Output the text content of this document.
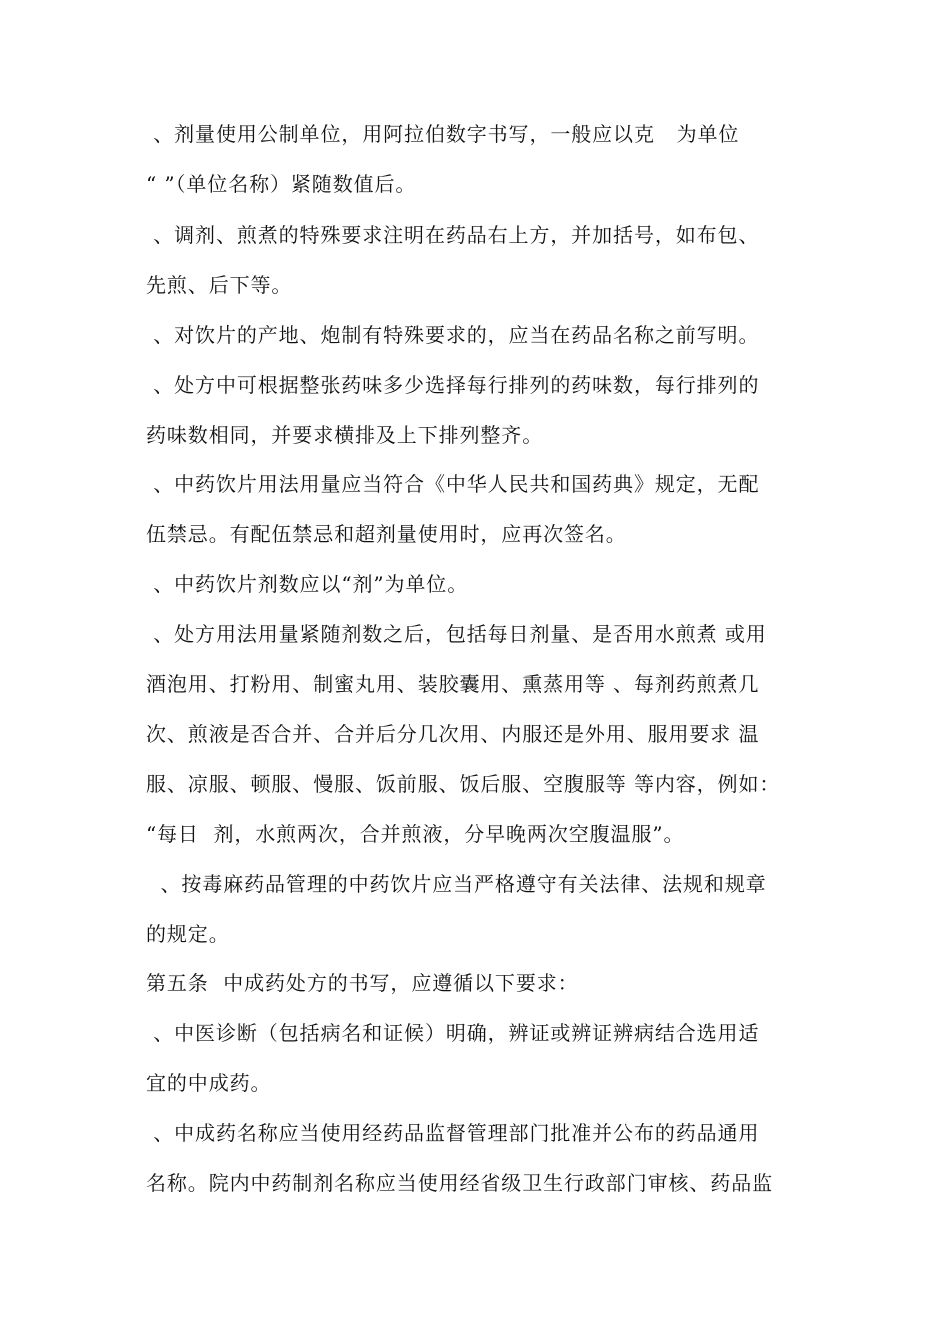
、剂量使用公制单位，用阿拉伯数字书写，一般应以克   为单位
“ ”（单位名称）紧随数值后。
、调剂、煎煮的特殊要求注明在药品右上方，并加括号，如布包、
先煎、后下等。
、对饮片的产地、炮制有特殊要求的，应当在药品名称之前写明。
、处方中可根据整张药味多少选择每行排列的药味数，每行排列的
药味数相同，并要求横排及上下排列整齐。
、中药饮片用法用量应当符合《中华人民共和国药典》规定，无配
伍禁忌。有配伍禁忌和超剂量使用时，应再次签名。
、中药饮片剂数应以“剂”为单位。
、处方用法用量紧随剂数之后，包括每日剂量、是否用水煎煮 或用
酒泡用、打粉用、制蜜丸用、装胶囊用、熏蒸用等 、每剂药煎煮几
次、煎液是否合并、合并后分几次用、内服还是外用、服用要求 温
服、凉服、顿服、慢服、饭前服、饭后服、空腹服等 等内容，例如：
“每日  剂，水煎两次，合并煎液，分早晚两次空腹温服”。
、按毒麻药品管理的中药饮片应当严格遵守有关法律、法规和规章
的规定。
第五条  中成药处方的书写，应遵循以下要求：
、中医诊断（包括病名和证候）明确，辨证或辨证辨病结合选用适
宜的中成药。
、中成药名称应当使用经药品监督管理部门批准并公布的药品通用
名称。院内中药制剂名称应当使用经省级卫生行政部门审核、药品监
